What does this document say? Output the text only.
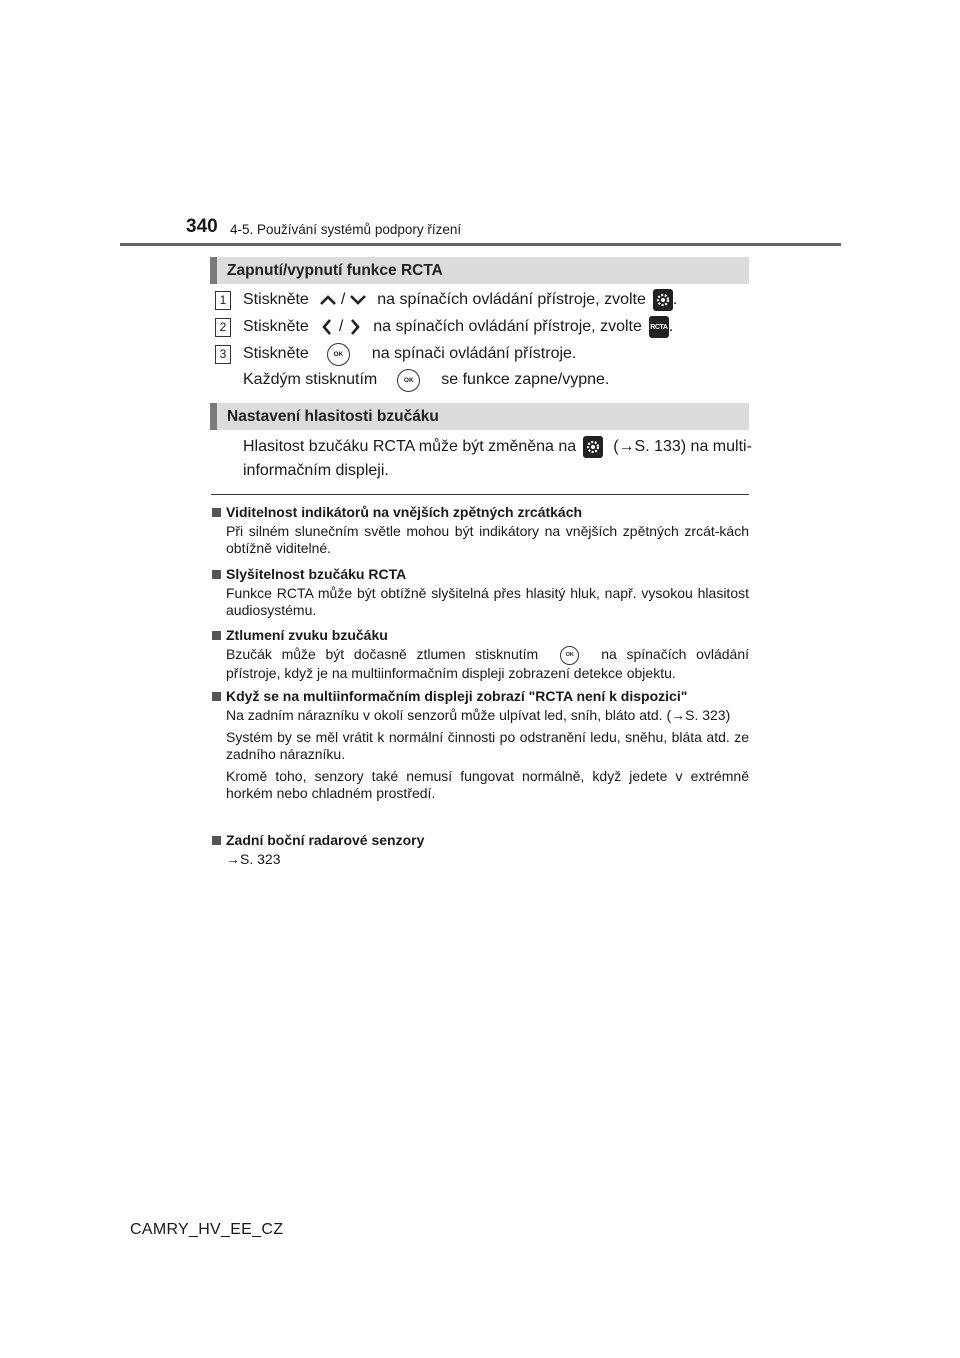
340 4-5. Používání systémů podpory řízení
Zapnutí/vypnutí funkce RCTA
1 Stiskněte / na spínačích ovládání přístroje, zvolte .
2 Stiskněte / na spínačích ovládání přístroje, zvolte RCTA .
3 Stiskněte	OK	na spínači ovládání přístroje.
Každým stisknutím	OK	se funkce zapne/vypne.
Nastavení hlasitosti bzučáku
Hlasitost bzučáku RCTA může být změněna na (→S. 133) na multi-
informačním displeji.
Viditelnost indikátorů na vnějších zpětných zrcátkách

Při silném slunečním světle mohou být indikátory na vnějších zpětných zrcát-kách obtížně viditelné.

Slyšitelnost bzučáku RCTA

Funkce RCTA může být obtížně slyšitelná přes hlasitý hluk, např. vysokou hlasitost audiosystému.

Ztlumení zvuku bzučáku

Bzučák může být dočasně ztlumen stisknutím	OK na spínačích ovládání přístroje, když je na multiinformačním displeji zobrazení detekce objektu.

Když se na multiinformačním displeji zobrazí "RCTA není k dispozici"

Na zadním nárazníku v okolí senzorů může ulpívat led, sníh, bláto atd. (→S. 323)

Systém by se měl vrátit k normální činnosti po odstranění ledu, sněhu, bláta atd. ze zadního nárazníku.

Kromě toho, senzory také nemusí fungovat normálně, když jedete v extrémně horkém nebo chladném prostředí.

Zadní boční radarové senzory

→S. 323

CAMRY_HV_EE_CZ
